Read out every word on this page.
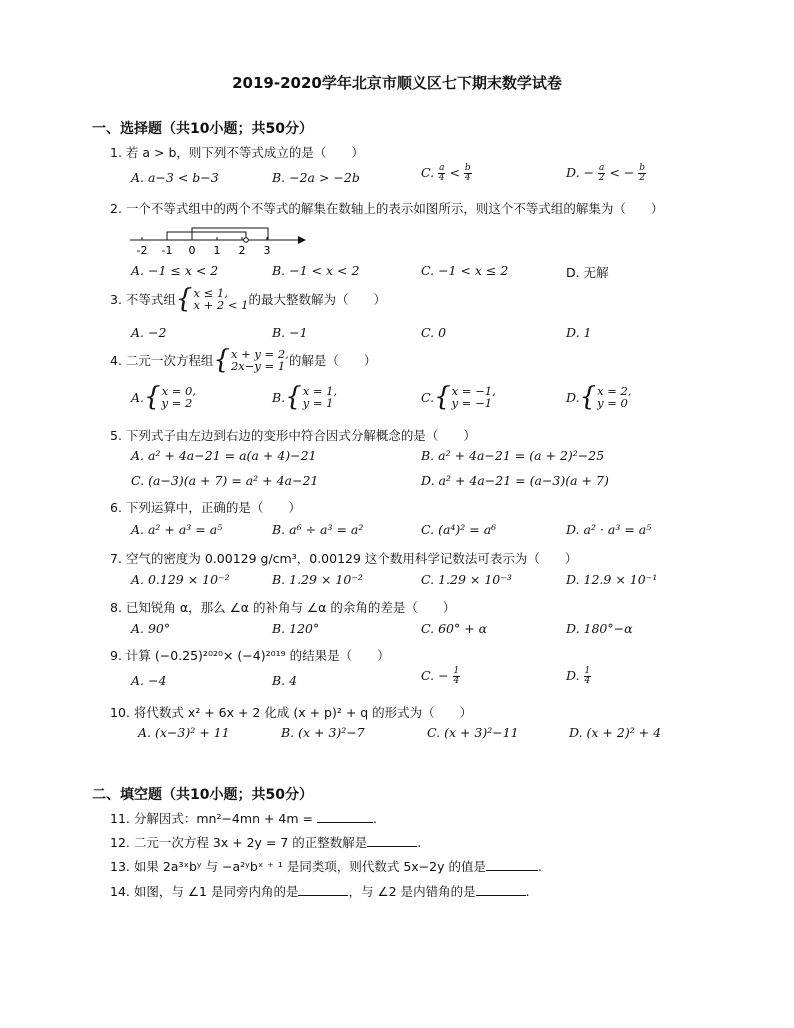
2019-2020学年北京市顺义区七下期末数学试卷
一、选择题（共10小题；共50分）
1. 若 a > b，则下列不等式成立的是（　　）
A. a−3 < b−3	B. −2a > −2b	C. $\frac{a}{4} < \frac{b}{4}$	D. − $\frac{a}{2}$ < − $\frac{b}{2}$
2. 一个不等式组中的两个不等式的解集在数轴上的表示如图所示，则这个不等式组的解集为（　　）
-2 -1 0 1 2 3
A. −1 ≤ x < 2	B. −1 < x < 2	C. −1 < x ≤ 2	D. 无解
3. 不等式组 { x ≤ 1,
x + 2 < 1 的最大整数解为（　　）
A. −2	B. −1	C. 0	D. 1
4. 二元一次方程组 { x + y = 2,
2x−y = 1 的解是（　　）
A. { x = 0,
y = 2	B. { x = 1,
y = 1	C. { x = −1,
y = −1	D. { x = 2,
y = 0
5. 下列式子由左边到右边的变形中符合因式分解概念的是（　　）
A. a² + 4a−21 = a(a + 4)−21	B. a² + 4a−21 = (a + 2)²−25
C. (a−3)(a + 7) = a² + 4a−21	D. a² + 4a−21 = (a−3)(a + 7)
6. 下列运算中，正确的是（　　）
A. a² + a³ = a⁵	B. a⁶ ÷ a³ = a²	C. (a⁴)² = a⁶	D. a² · a³ = a⁵
7. 空气的密度为 0.00129 g/cm³，0.00129 这个数用科学记数法可表示为（　　）
A. 0.129 × 10⁻²	B. 1.29 × 10⁻²	C. 1.29 × 10⁻³	D. 12.9 × 10⁻¹
8. 已知锐角 α，那么 ∠α 的补角与 ∠α 的余角的差是（　　）
A. 90°	B. 120°	C. 60° + α	D. 180°−α
9. 计算 (−0.25)²⁰²⁰× (−4)²⁰¹⁹ 的结果是（　　）
A. −4	B. 4	C. − $\frac{1}{4}$	D. $\frac{1}{4}$
10. 将代数式 x² + 6x + 2 化成 (x + p)² + q 的形式为（　　）
A. (x−3)² + 11	B. (x + 3)²−7	C. (x + 3)²−11	D. (x + 2)² + 4
二、填空题（共10小题；共50分）
11. 分解因式：mn²−4mn + 4m =	.
12. 二元一次方程 3x + 2y = 7 的正整数解是	.
13. 如果 2a³ˣbʸ 与 −a²ʸbˣ ⁺ ¹ 是同类项，则代数式 5x−2y 的值是	.
14. 如图，与 ∠1 是同旁内角的是	，与 ∠2 是内错角的是	.
